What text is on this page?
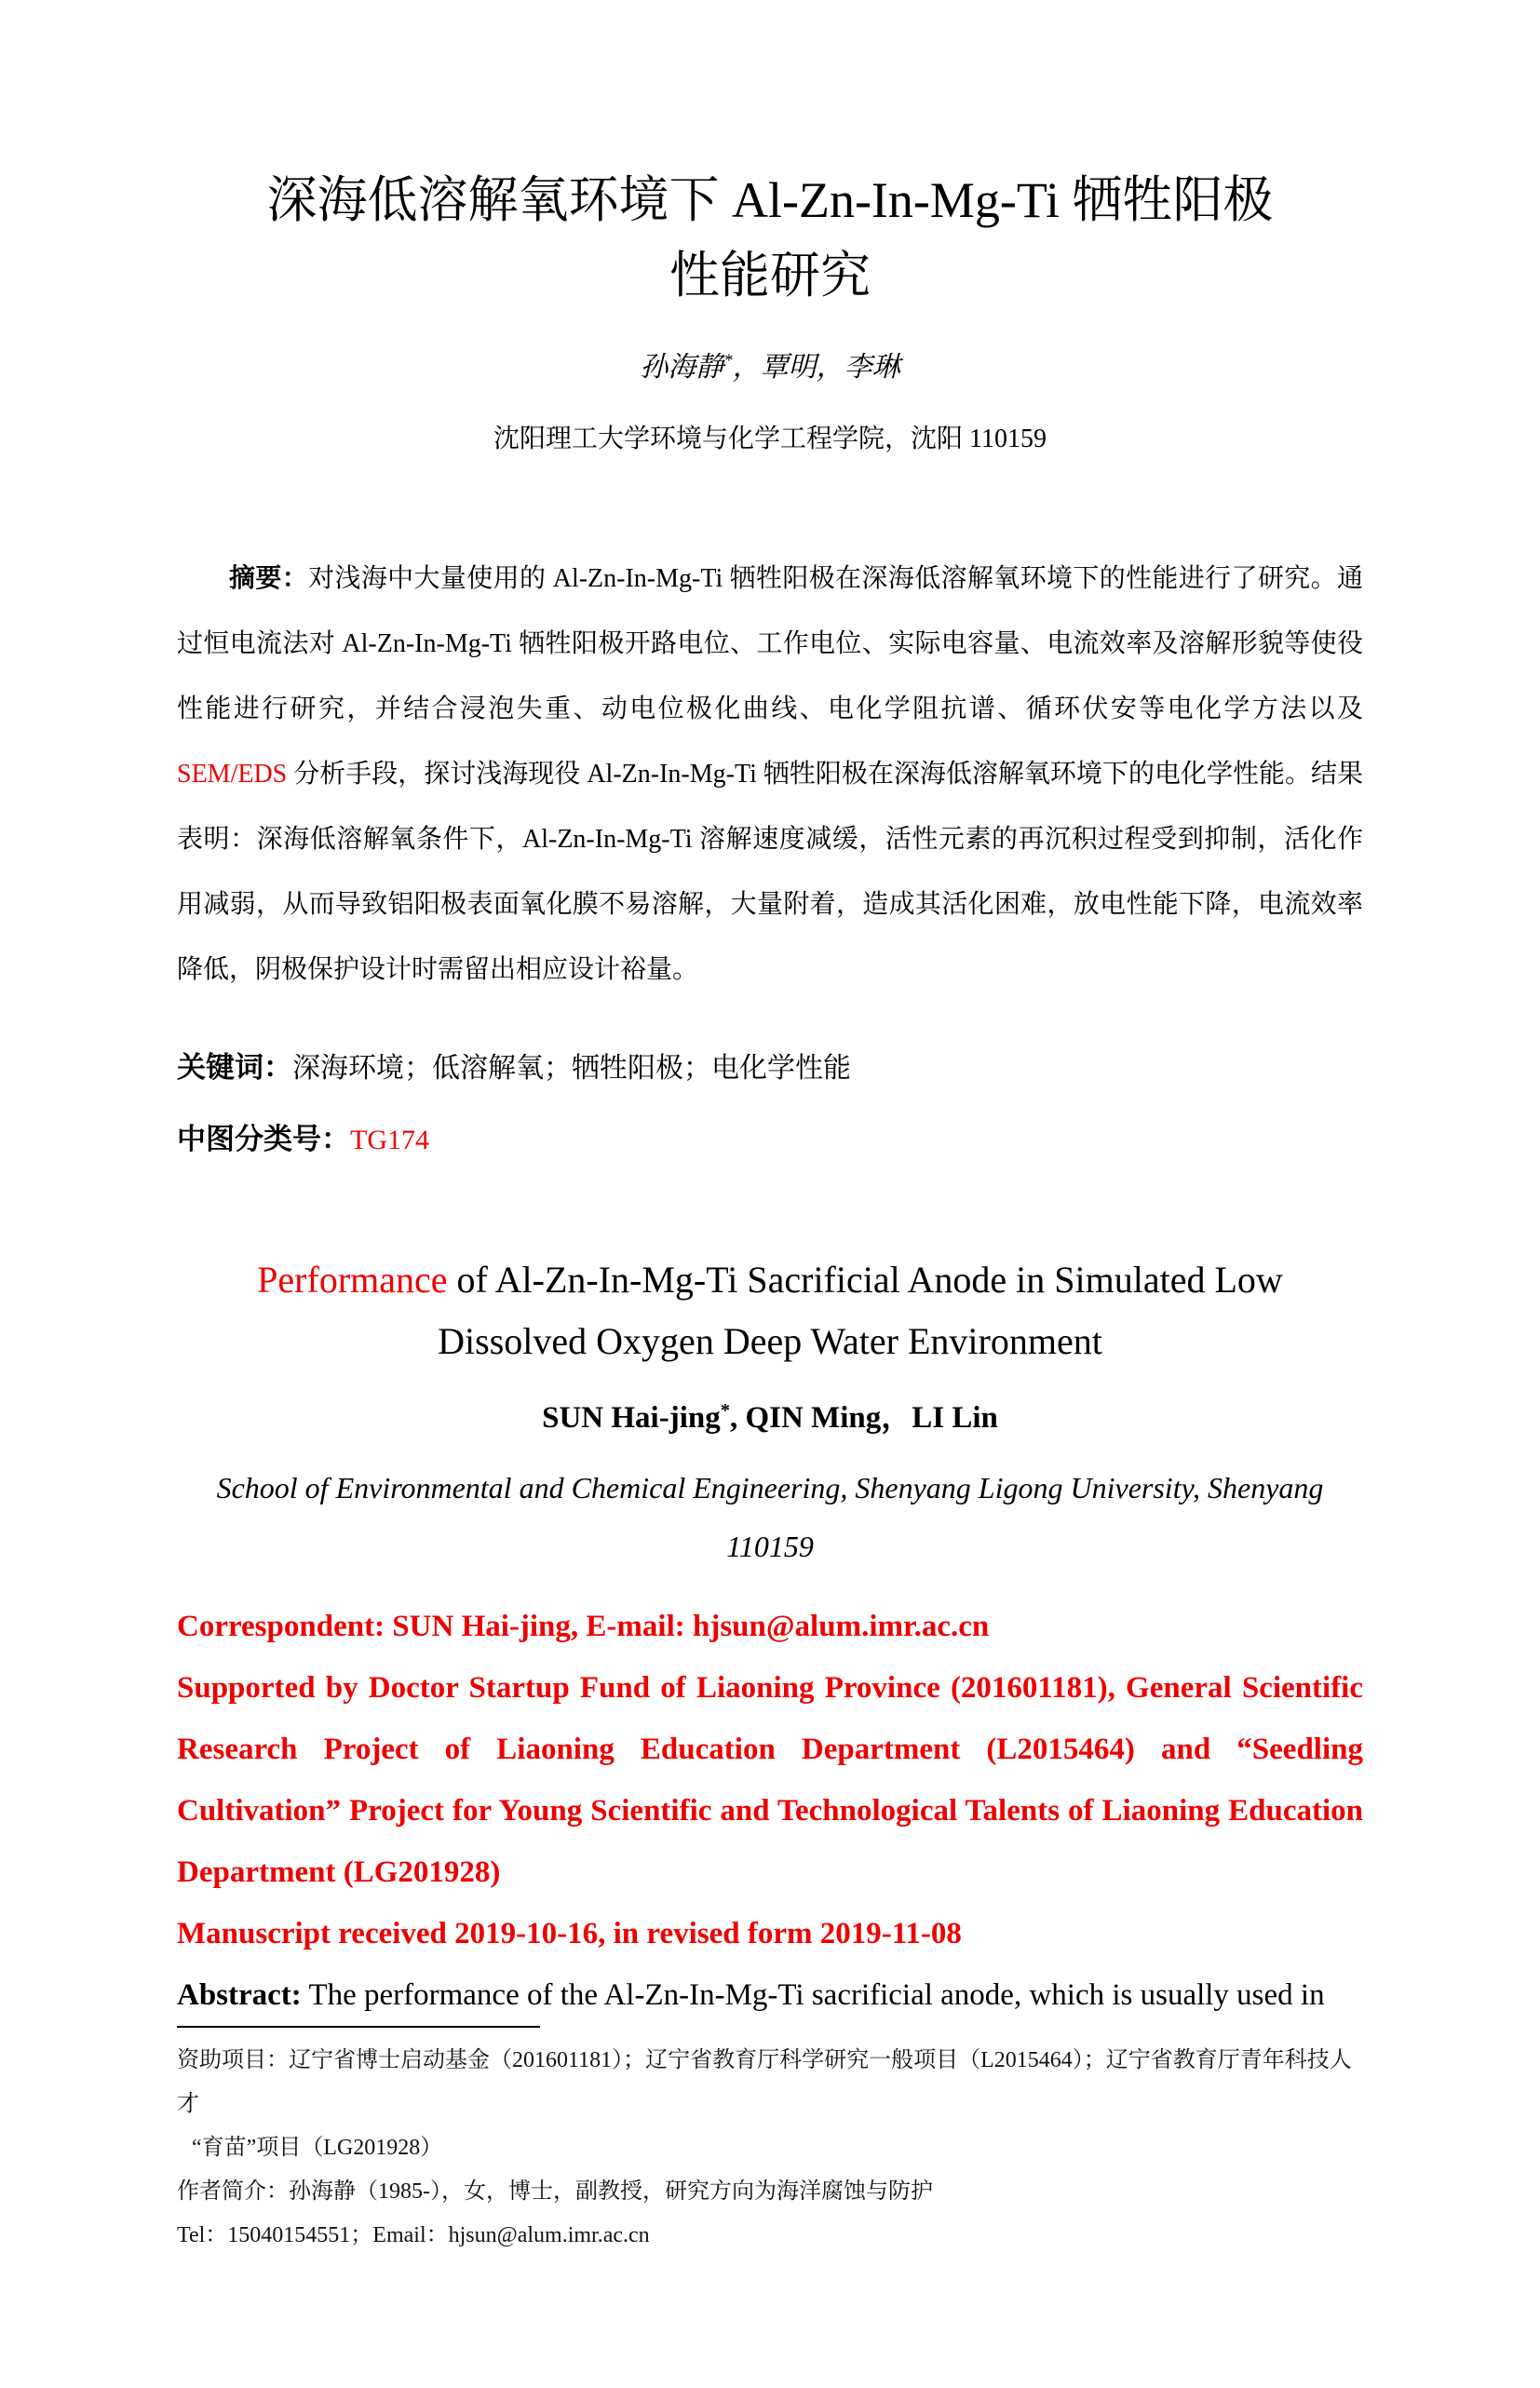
深海低溶解氧环境下 Al-Zn-In-Mg-Ti 牺牲阳极性能研究
孙海静*，覃明，李琳
沈阳理工大学环境与化学工程学院，沈阳 110159

摘要：对浅海中大量使用的 Al-Zn-In-Mg-Ti 牺牲阳极在深海低溶解氧环境下的性能进行了研究。通过恒电流法对 Al-Zn-In-Mg-Ti 牺牲阳极开路电位、工作电位、实际电容量、电流效率及溶解形貌等使役性能进行研究，并结合浸泡失重、动电位极化曲线、电化学阻抗谱、循环伏安等电化学方法以及 SEM/EDS 分析手段，探讨浅海现役 Al-Zn-In-Mg-Ti 牺牲阳极在深海低溶解氧环境下的电化学性能。结果表明：深海低溶解氧条件下，Al-Zn-In-Mg-Ti 溶解速度减缓，活性元素的再沉积过程受到抑制，活化作用减弱，从而导致铝阳极表面氧化膜不易溶解，大量附着，造成其活化困难，放电性能下降，电流效率降低，阴极保护设计时需留出相应设计裕量。

关键词：深海环境；低溶解氧；牺牲阳极；电化学性能
中图分类号：TG174
Performance of Al-Zn-In-Mg-Ti Sacrificial Anode in Simulated Low Dissolved Oxygen Deep Water Environment
SUN Hai-jing*, QIN Ming，LI Lin
School of Environmental and Chemical Engineering, Shenyang Ligong University, Shenyang 110159

Correspondent: SUN Hai-jing, E-mail: hjsun@alum.imr.ac.cn

Supported by Doctor Startup Fund of Liaoning Province (201601181), General Scientific Research Project of Liaoning Education Department (L2015464) and “Seedling Cultivation” Project for Young Scientific and Technological Talents of Liaoning Education Department (LG201928)

Manuscript received 2019-10-16, in revised form 2019-11-08

Abstract: The performance of the Al-Zn-In-Mg-Ti sacrificial anode, which is usually used in

资助项目：辽宁省博士启动基金（201601181）；辽宁省教育厅科学研究一般项目（L2015464）；辽宁省教育厅青年科技人才
“育苗”项目（LG201928）
作者简介：孙海静（1985-），女，博士，副教授，研究方向为海洋腐蚀与防护
Tel：15040154551；Email：hjsun@alum.imr.ac.cn
